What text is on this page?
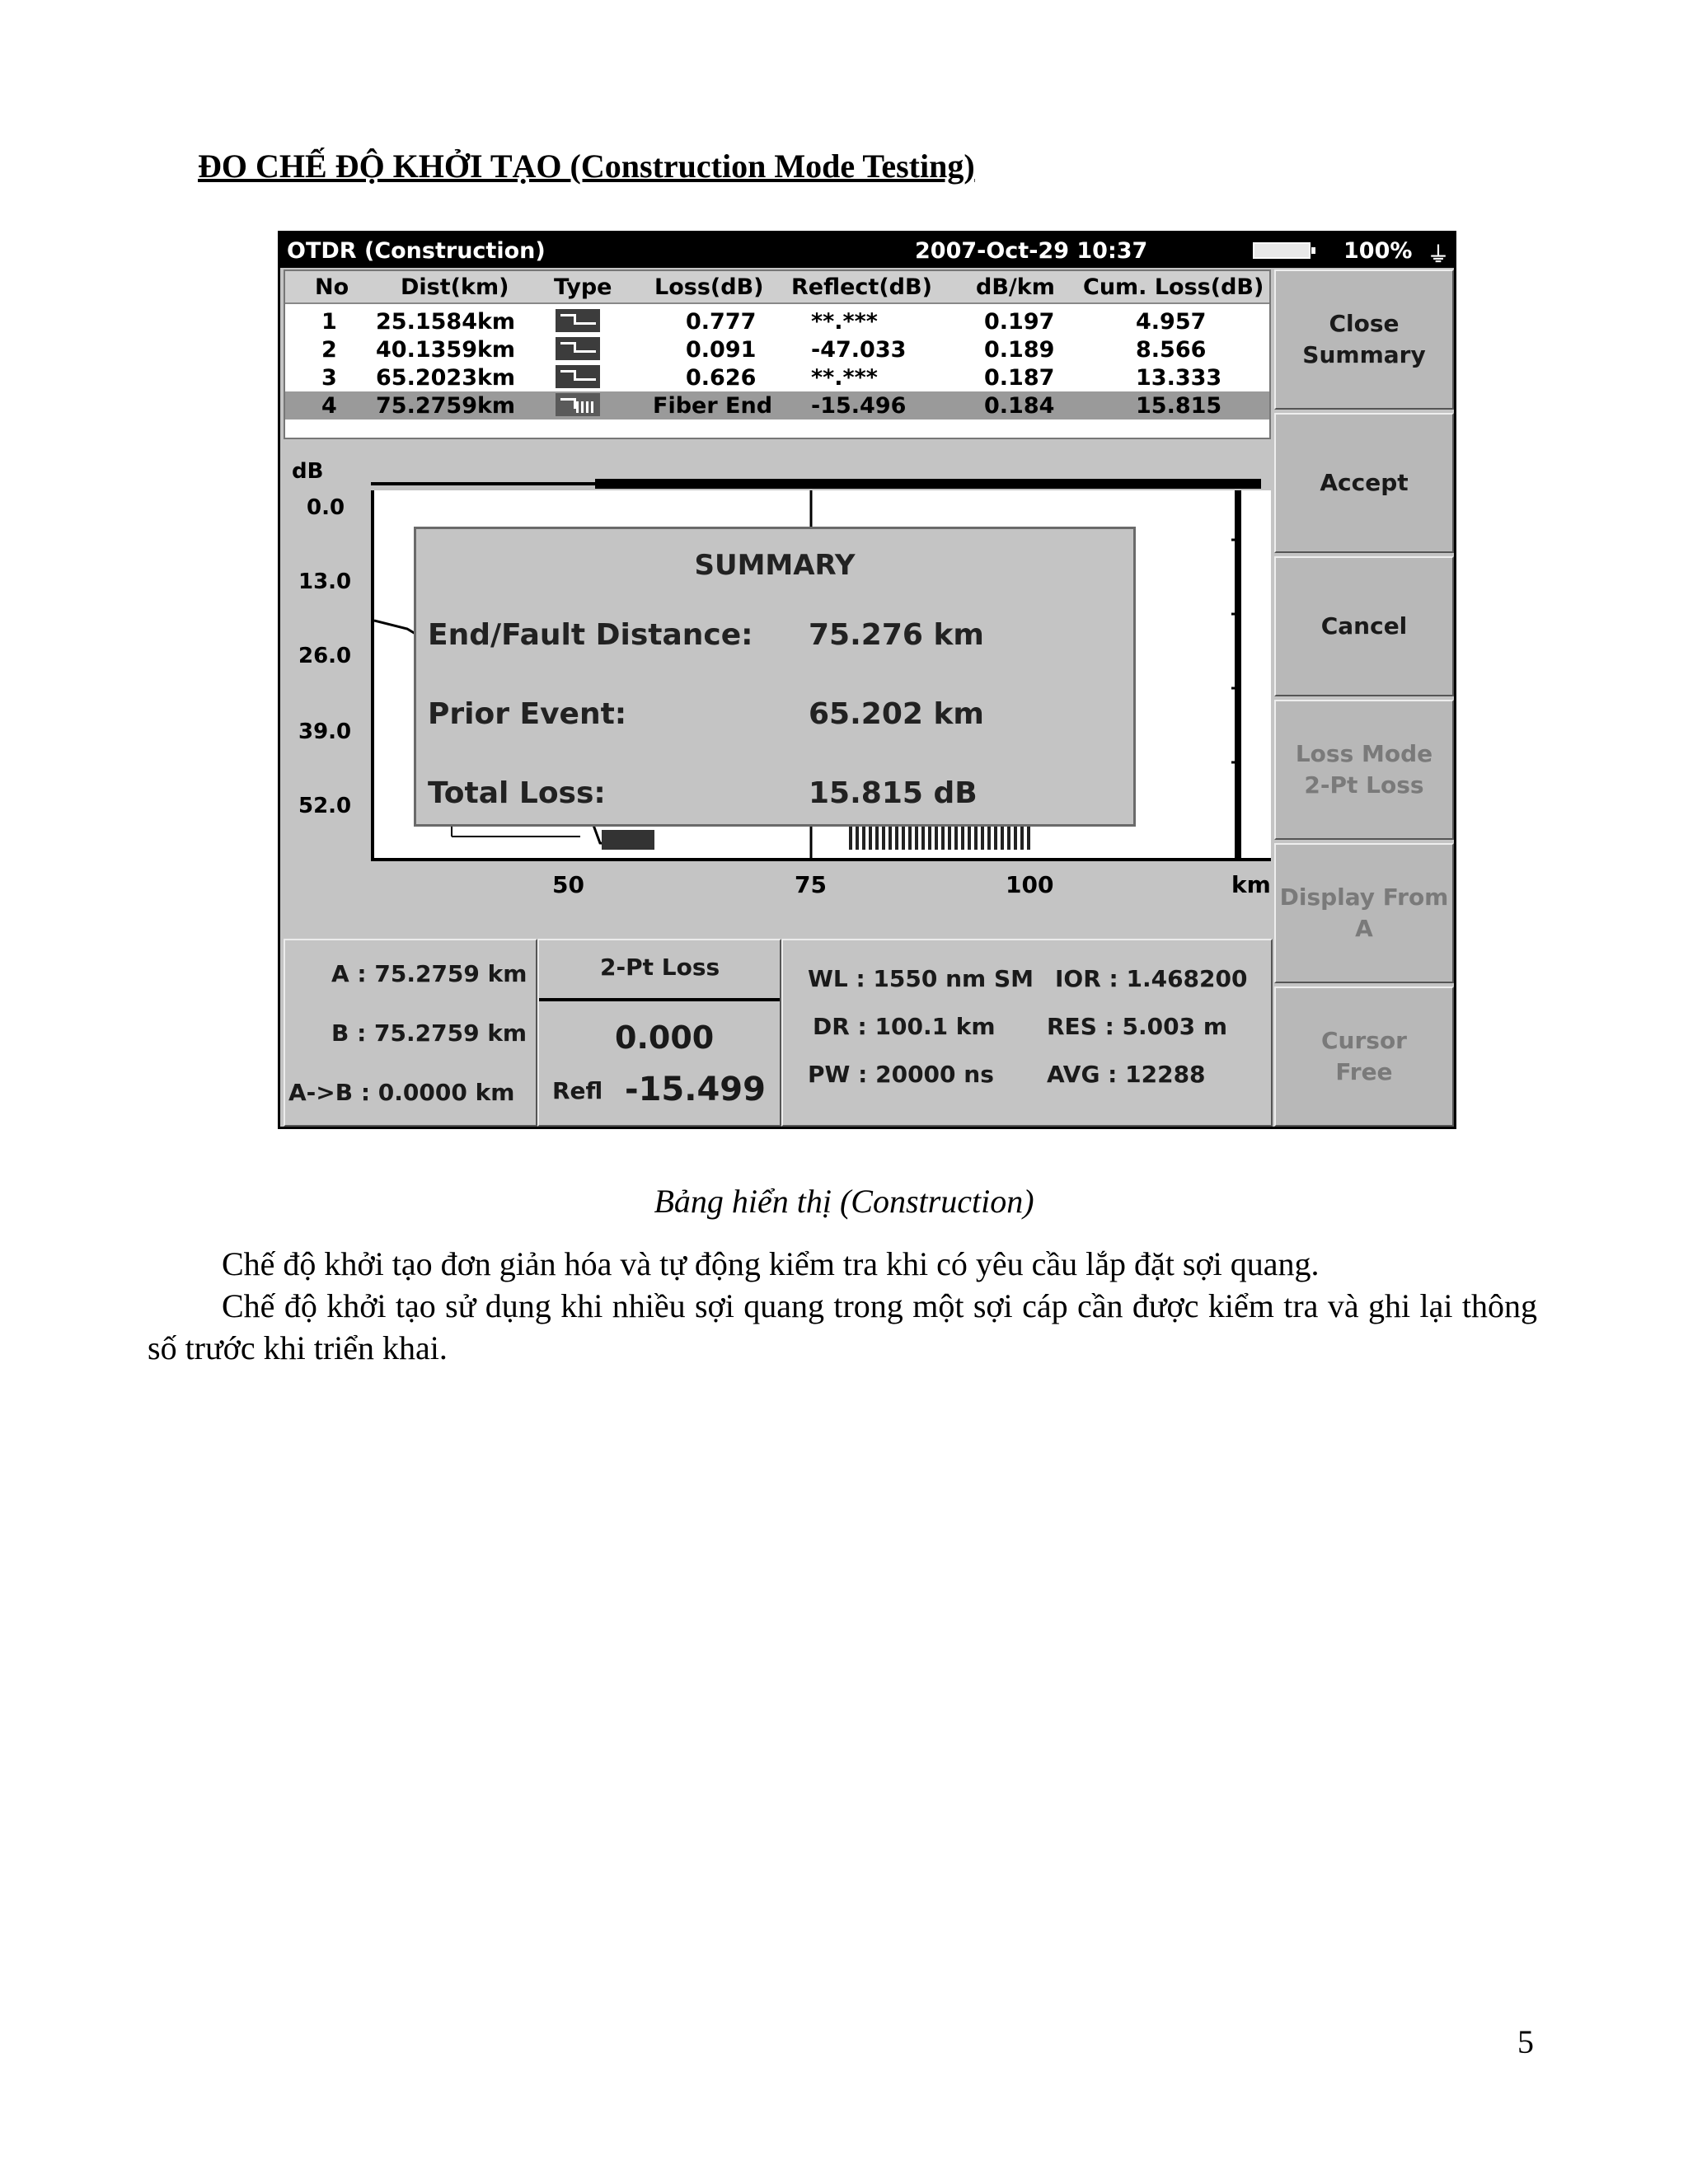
ĐO CHẾ ĐỘ KHỞI TẠO (Construction Mode Testing)
OTDR (Construction)	2007-Oct-29 10:37	100% ⏚
No Dist(km) Type Loss(dB) Reflect(dB) dB/km Cum. Loss(dB)
1 25.1584km	0.777 **.***	0.197	4.957
2 40.1359km	0.091 -47.033	0.189	8.566
3 65.2023km	0.626 **.***	0.187	13.333
4 75.2759km	Fiber End -15.496	0.184	15.815
Close
Summary
Accept
Cancel
Loss Mode
2-Pt Loss
Display From
A
Cursor
Free
dB
0.0
13.0
26.0
39.0
52.0
SUMMARY
End/Fault Distance: 75.276 km
Prior Event:	65.202 km
Total Loss:	15.815 dB
50	75	100	km
A : 75.2759 km
B : 75.2759 km
A->B : 0.0000 km
2-Pt Loss
0.000
Refl -15.499
WL : 1550 nm SM IOR : 1.468200
DR : 100.1 km RES : 5.003 m
PW : 20000 ns AVG : 12288
Bảng hiển thị (Construction)
Chế độ khởi tạo đơn giản hóa và tự động kiểm tra khi có yêu cầu lắp đặt sợi quang.
Chế độ khởi tạo sử dụng khi nhiều sợi quang trong một sợi cáp cần được kiểm tra và ghi lại thông số trước khi triển khai.
5
